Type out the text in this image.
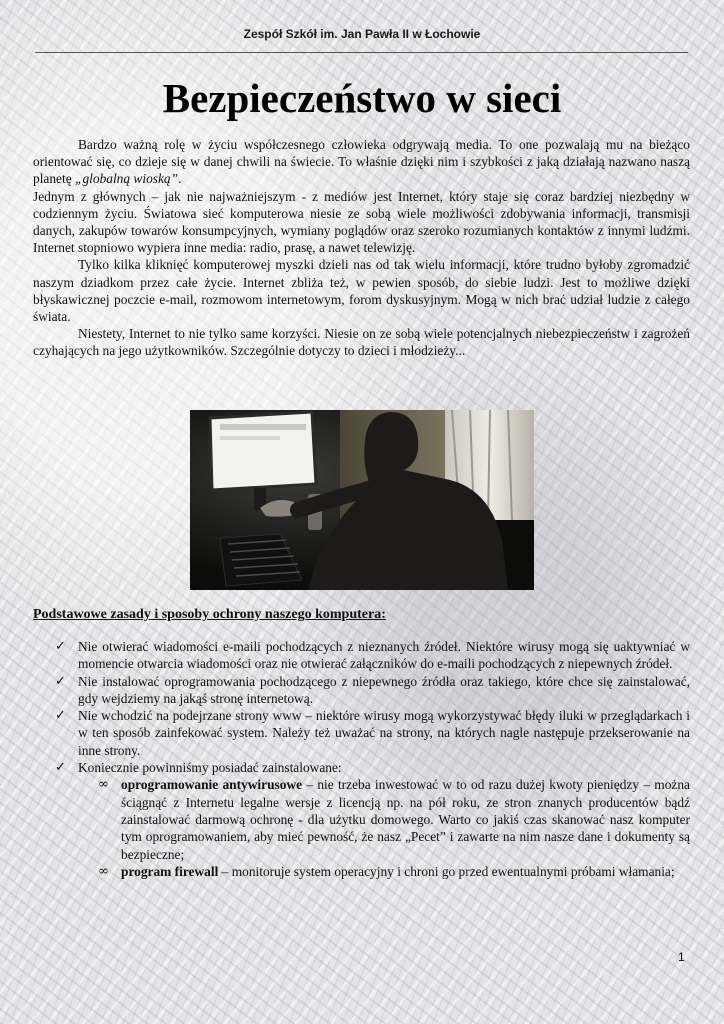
Zespół Szkół im. Jan Pawła II w Łochowie
Bezpieczeństwo w sieci

Bardzo ważną rolę w życiu współczesnego człowieka odgrywają media. To one pozwalają mu na bieżąco orientować się, co dzieje się w danej chwili na świecie. To właśnie dzięki nim i szybkości z jaką działają nazwano naszą planetę „globalną wioską”.

Jednym z głównych – jak nie najważniejszym - z mediów jest Internet, który staje się coraz bardziej niezbędny w codziennym życiu. Światowa sieć komputerowa niesie ze sobą wiele możliwości zdobywania informacji, transmisji danych, zakupów towarów konsumpcyjnych, wymiany poglądów oraz szeroko rozumianych kontaktów z innymi ludźmi. Internet stopniowo wypiera inne media: radio, prasę, a nawet telewizję.

Tylko kilka kliknięć komputerowej myszki dzieli nas od tak wielu informacji, które trudno byłoby zgromadzić naszym dziadkom przez całe życie. Internet zbliża też, w pewien sposób, do siebie ludzi. Jest to możliwe dzięki błyskawicznej poczcie e-mail, rozmowom internetowym, forom dyskusyjnym. Mogą w nich brać udział ludzie z całego świata.

Niestety, Internet to nie tylko same korzyści. Niesie on ze sobą wiele potencjalnych niebezpieczeństw i zagrożeń czyhających na jego użytkowników. Szczególnie dotyczy to dzieci i młodzieży...

Podstawowe zasady i sposoby ochrony naszego komputera:
✓ Nie otwierać wiadomości e-maili pochodzących z nieznanych źródeł. Niektóre wirusy mogą się uaktywniać w momencie otwarcia wiadomości oraz nie otwierać załączników do e-maili pochodzących z niepewnych źródeł.
✓ Nie instalować oprogramowania pochodzącego z niepewnego źródła oraz takiego, które chce się zainstalować, gdy wejdziemy na jakąś stronę internetową.
✓ Nie wchodzić na podejrzane strony www – niektóre wirusy mogą wykorzystywać błędy iluki w przeglądarkach i w ten sposób zainfekować system. Należy też uważać na strony, na których nagle następuje przekserowanie na inne strony.
✓ Koniecznie powinniśmy posiadać zainstalowane:
∞ oprogramowanie antywirusowe – nie trzeba inwestować w to od razu dużej kwoty pieniędzy – można ściągnąć z Internetu legalne wersje z licencją np. na pół roku, ze stron znanych producentów bądź zainstalować darmową ochronę - dla użytku domowego. Warto co jakiś czas skanować nasz komputer tym oprogramowaniem, aby mieć pewność, że nasz „Pecet” i zawarte na nim nasze dane i dokumenty są bezpieczne;
∞ program firewall – monitoruje system operacyjny i chroni go przed ewentualnymi próbami włamania;
1
